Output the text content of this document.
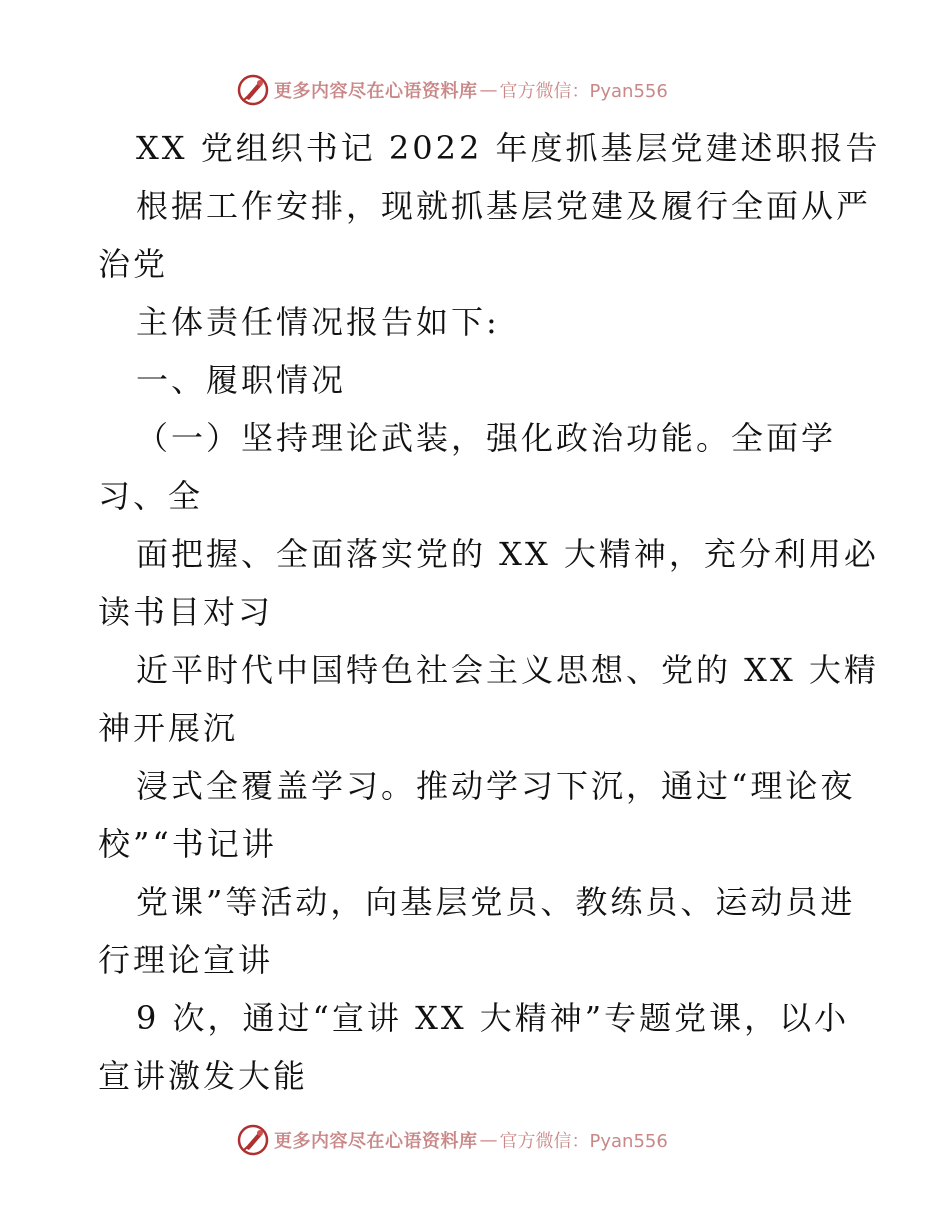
更多内容尽在心语资料库 — 官方微信：Pyan556
XX 党组织书记 2022 年度抓基层党建述职报告
根据工作安排，现就抓基层党建及履行全面从严
治党
主体责任情况报告如下:
一、履职情况
（一）坚持理论武装，强化政治功能。全面学
习、全
面把握、全面落实党的 XX 大精神，充分利用必
读书目对习
近平时代中国特色社会主义思想、党的 XX 大精
神开展沉
浸式全覆盖学习。推动学习下沉，通过“理论夜
校”“书记讲
党课”等活动，向基层党员、教练员、运动员进
行理论宣讲
9 次，通过“宣讲 XX 大精神”专题党课，以小
宣讲激发大能
更多内容尽在心语资料库 — 官方微信：Pyan556
